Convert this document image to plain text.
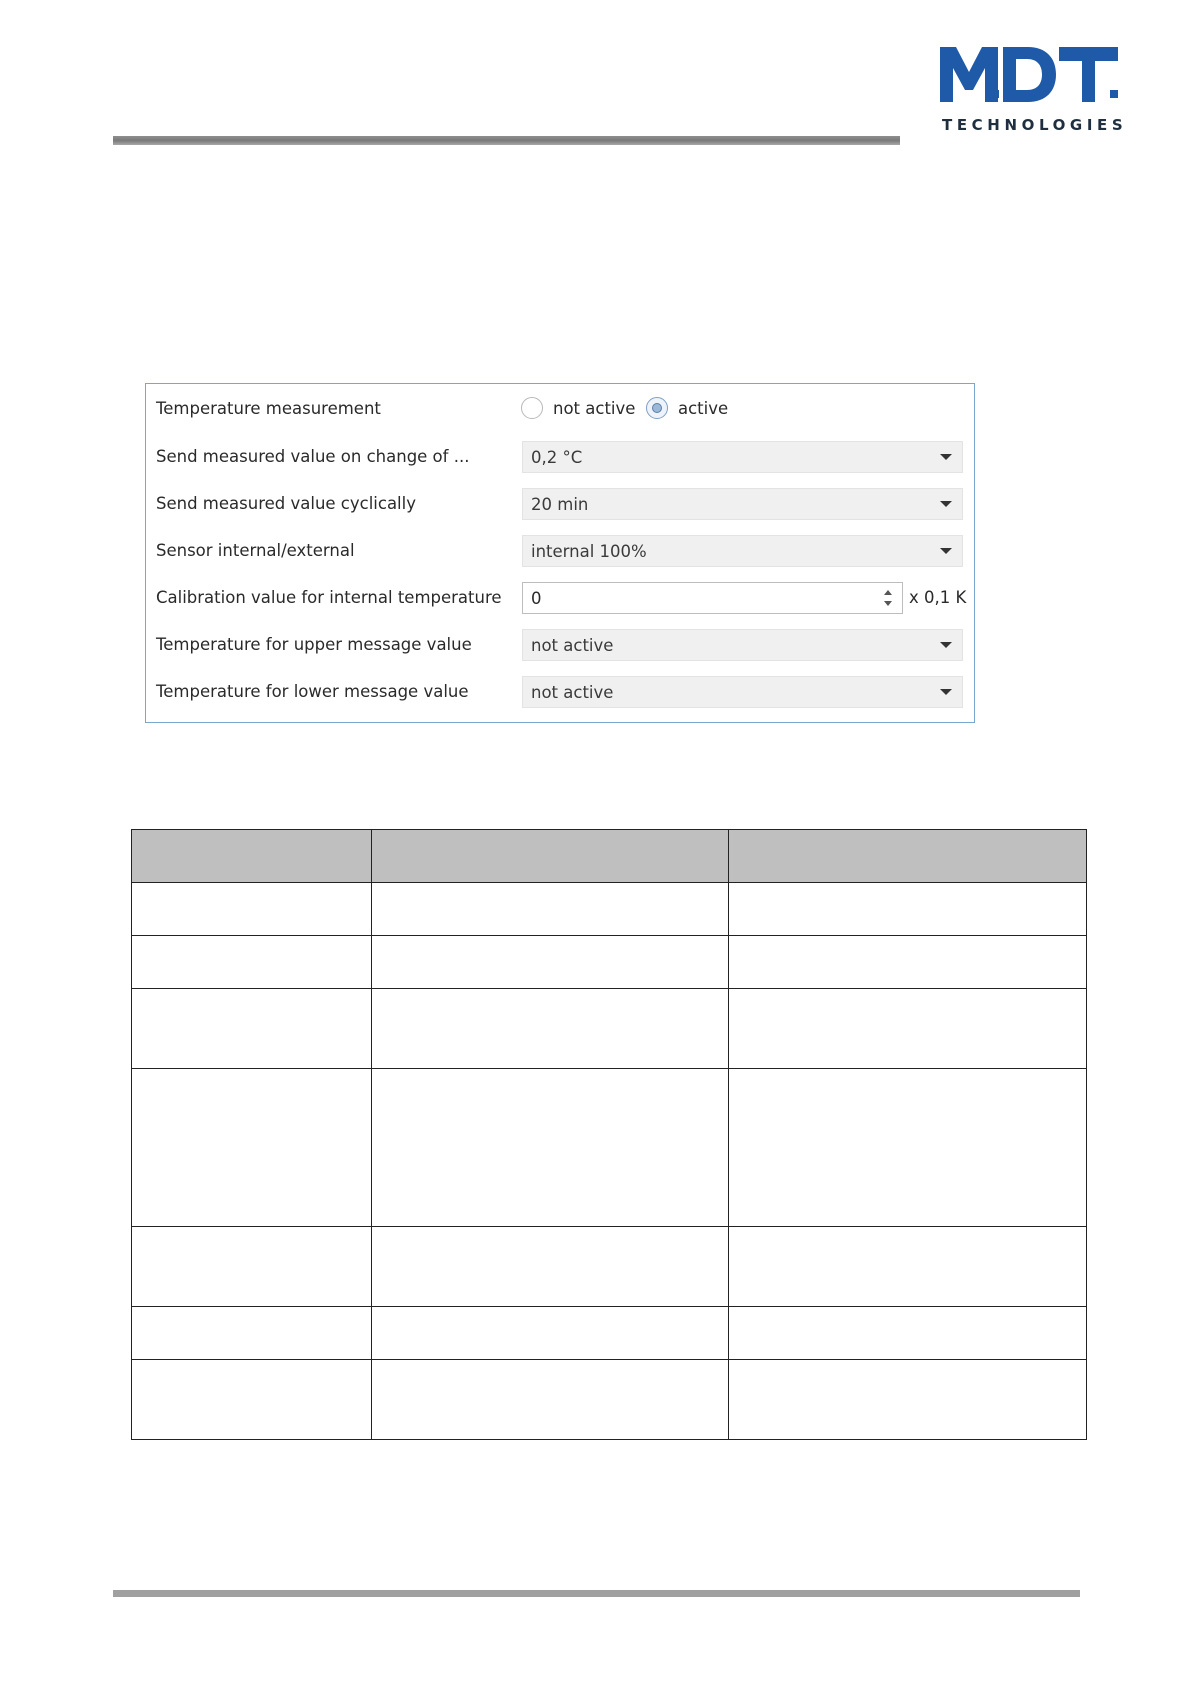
TECHNOLOGIES
Temperature measurement	not active	active
Send measured value on change of ...	0,2 °C
Send measured value cyclically	20 min
Sensor internal/external	internal 100%
Calibration value for internal temperature 0	x 0,1 K
Temperature for upper message value	not active
Temperature for lower message value	not active
